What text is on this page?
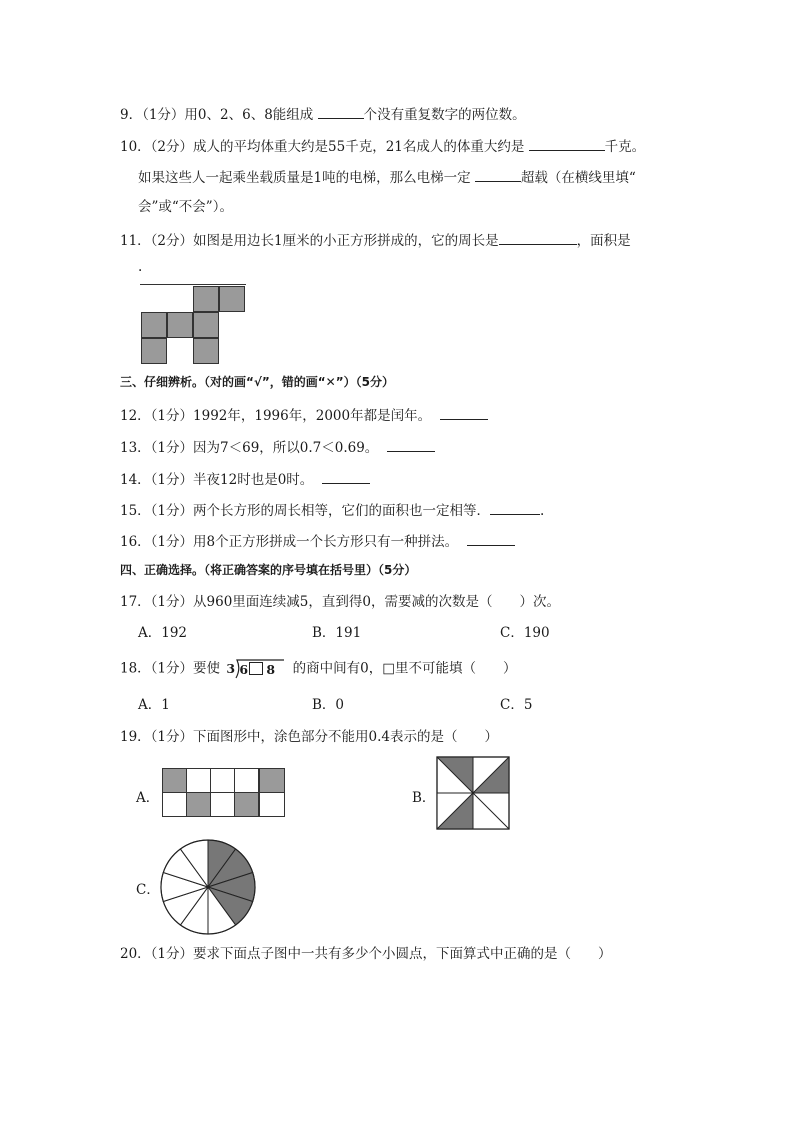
9．（1分）用0、2、6、8能组成	个没有重复数字的两位数。
10．（2分）成人的平均体重大约是55千克，21名成人的体重大约是	千克。
如果这些人一起乘坐载质量是1吨的电梯，那么电梯一定	超载（在横线里填“
会”或“不会”）。
11．（2分）如图是用边长1厘米的小正方形拼成的，它的周长是	，面积是
.
三、仔细辨析。（对的画“√”，错的画“✕”）（5分）
12．（1分）1992年，1996年，2000年都是闰年。
13．（1分）因为7＜69，所以0.7＜0.69。
14．（1分）半夜12时也是0时。
15．（1分）两个长方形的周长相等，它们的面积也一定相等．	.
16．（1分）用8个正方形拼成一个长方形只有一种拼法。
四、正确选择。（将正确答案的序号填在括号里）（5分）
17．（1分）从960里面连续减5，直到得0，需要减的次数是（　　）次。
A．192	B．191	C．190
18．（1分）要使 3 6 8 的商中间有0，□里不可能填（　　）
A．1	B．0	C．5
19．（1分）下面图形中，涂色部分不能用0.4表示的是（　　）
A．	B．
C．
20．（1分）要求下面点子图中一共有多少个小圆点，下面算式中正确的是（　　）
